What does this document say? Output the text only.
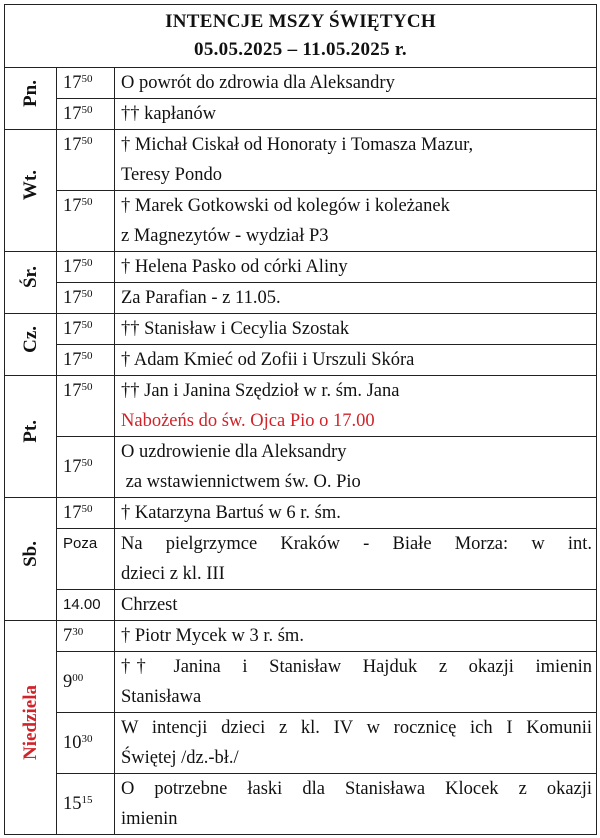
INTENCJE MSZY ŚWIĘTYCH
05.05.2025 – 11.05.2025 r.		

Pn.	$17^{50}$	O powrót do zdrowia dla Aleksandry
	$17^{50}$	†† kapłanów
Wt.	$17^{50}$	† Michał Ciskał od Honoraty i Tomasza Mazur,
Teresy Pondo

	$17^{50}$	† Marek Gotkowski od kolegów i koleżanek
z Magnezytów - wydział P3

Śr.	$17^{50}$	† Helena Pasko od córki Aliny
	$17^{50}$	Za Parafian - z 11.05.
Cz.	$17^{50}$	†† Stanisław i Cecylia Szostak
	$17^{50}$	† Adam Kmieć od Zofii i Urszuli Skóra
Pt.	$17^{50}$	†† Jan i Janina Szędzioł w r. śm. Jana
Nabożeńs do św. Ojca Pio o 17.00

	$17^{50}$	O uzdrowienie dla Aleksandry
za wstawiennictwem św. O. Pio

Sb.	$17^{50}$	† Katarzyna Bartuś w 6 r. śm.
	Poza	Na pielgrzymce Kraków - Białe Morza: w int.
dzieci z kl. III

	14.00	Chrzest
Niedziela	$7^{30}$	† Piotr Mycek w 3 r. śm.
	$9^{00}$	††  Janina  i  Stanisław  Hajduk  z  okazji  imienin
Stanisława

	$10^{30}$	W intencji dzieci z kl. IV w rocznicę ich I Komunii
Świętej /dz.-bł./

	$15^{15}$	O potrzebne łaski dla Stanisława Klocek z okazji
imienin
